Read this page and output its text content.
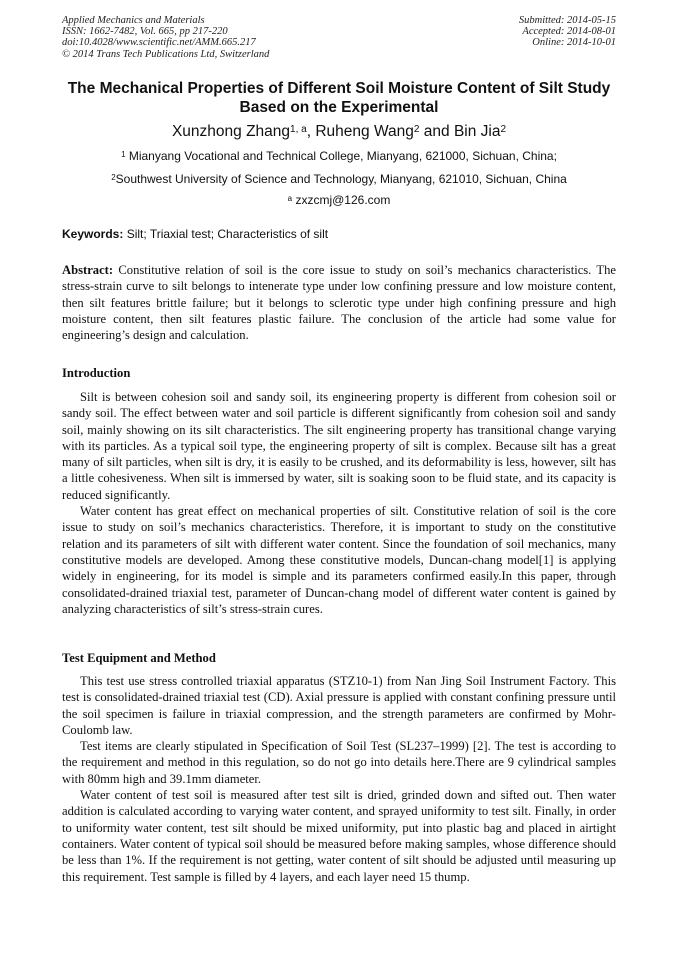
Applied Mechanics and Materials
ISSN: 1662-7482, Vol. 665, pp 217-220
doi:10.4028/www.scientific.net/AMM.665.217
© 2014 Trans Tech Publications Ltd, Switzerland
Submitted: 2014-05-15
Accepted: 2014-08-01
Online: 2014-10-01
The Mechanical Properties of Different Soil Moisture Content of Silt Study Based on the Experimental
Xunzhong Zhang$^{1, a}$, Ruheng Wang$^2$ and Bin Jia$^2$
$^1$ Mianyang Vocational and Technical College, Mianyang, 621000, Sichuan, China;
$^2$Southwest University of Science and Technology, Mianyang, 621010, Sichuan, China
$^a$ zxzcmj@126.com
Keywords: Silt; Triaxial test; Characteristics of silt
Abstract: Constitutive relation of soil is the core issue to study on soil’s mechanics characteristics. The stress-strain curve to silt belongs to intenerate type under low confining pressure and low moisture content, then silt features brittle failure; but it belongs to sclerotic type under high confining pressure and high moisture content, then silt features plastic failure. The conclusion of the article had some value for engineering’s design and calculation.
Introduction

Silt is between cohesion soil and sandy soil, its engineering property is different from cohesion soil or sandy soil. The effect between water and soil particle is different significantly from cohesion soil and sandy soil, mainly showing on its silt characteristics. The silt engineering property has transitional change varying with its particles. As a typical soil type, the engineering property of silt is complex. Because silt has a great many of silt particles, when silt is dry, it is easily to be crushed, and its deformability is less, however, silt has a little cohesiveness. When silt is immersed by water, silt is soaking soon to be fluid state, and its capacity is reduced significantly.

Water content has great effect on mechanical properties of silt. Constitutive relation of soil is the core issue to study on soil’s mechanics characteristics. Therefore, it is important to study on the constitutive relation and its parameters of silt with different water content. Since the foundation of soil mechanics, many constitutive models are developed. Among these constitutive models, Duncan-chang model[1] is applying widely in engineering, for its model is simple and its parameters confirmed easily.In this paper, through consolidated-drained triaxial test, parameter of Duncan-chang model of different water content is gained by analyzing characteristics of silt’s stress-strain cures.

Test Equipment and Method

This test use stress controlled triaxial apparatus (STZ10-1) from Nan Jing Soil Instrument Factory. This test is consolidated-drained triaxial test (CD). Axial pressure is applied with constant confining pressure until the soil specimen is failure in triaxial compression, and the strength parameters are confirmed by Mohr-Coulomb law.

Test items are clearly stipulated in Specification of Soil Test (SL237–1999) [2]. The test is according to the requirement and method in this regulation, so do not go into details here.There are 9 cylindrical samples with 80mm high and 39.1mm diameter.

Water content of test soil is measured after test silt is dried, grinded down and sifted out. Then water addition is calculated according to varying water content, and sprayed uniformity to test silt. Finally, in order to uniformity water content, test silt should be mixed uniformity, put into plastic bag and placed in airtight containers. Water content of typical soil should be measured before making samples, whose difference should be less than 1%. If the requirement is not getting, water content of silt should be adjusted until measuring up this requirement. Test sample is filled by 4 layers, and each layer need 15 thump.
